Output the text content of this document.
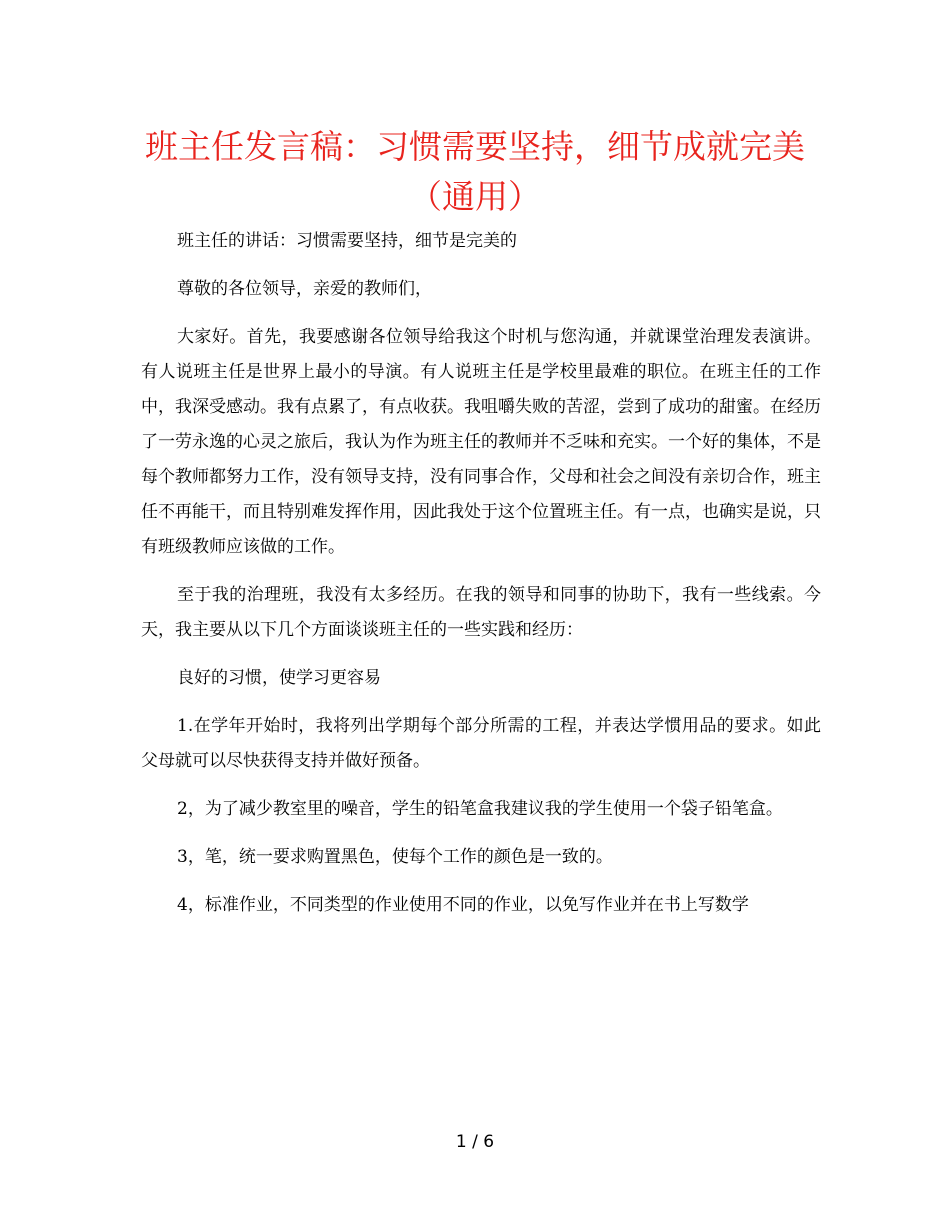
班主任发言稿：习惯需要坚持，细节成就完美
（通用）

班主任的讲话：习惯需要坚持，细节是完美的

尊敬的各位领导，亲爱的教师们，

大家好。首先，我要感谢各位领导给我这个时机与您沟通，并就课堂治理发表演讲。有人说班主任是世界上最小的导演。有人说班主任是学校里最难的职位。在班主任的工作中，我深受感动。我有点累了，有点收获。我咀嚼失败的苦涩，尝到了成功的甜蜜。在经历了一劳永逸的心灵之旅后，我认为作为班主任的教师并不乏味和充实。一个好的集体，不是每个教师都努力工作，没有领导支持，没有同事合作，父母和社会之间没有亲切合作，班主任不再能干，而且特别难发挥作用，因此我处于这个位置班主任。有一点，也确实是说，只有班级教师应该做的工作。

至于我的治理班，我没有太多经历。在我的领导和同事的协助下，我有一些线索。今天，我主要从以下几个方面谈谈班主任的一些实践和经历：

良好的习惯，使学习更容易

1.在学年开始时，我将列出学期每个部分所需的工程，并表达学惯用品的要求。如此父母就可以尽快获得支持并做好预备。

2，为了减少教室里的噪音，学生的铅笔盒我建议我的学生使用一个袋子铅笔盒。

3，笔，统一要求购置黑色，使每个工作的颜色是一致的。

4，标准作业，不同类型的作业使用不同的作业，以免写作业并在书上写数学

1 / 6
